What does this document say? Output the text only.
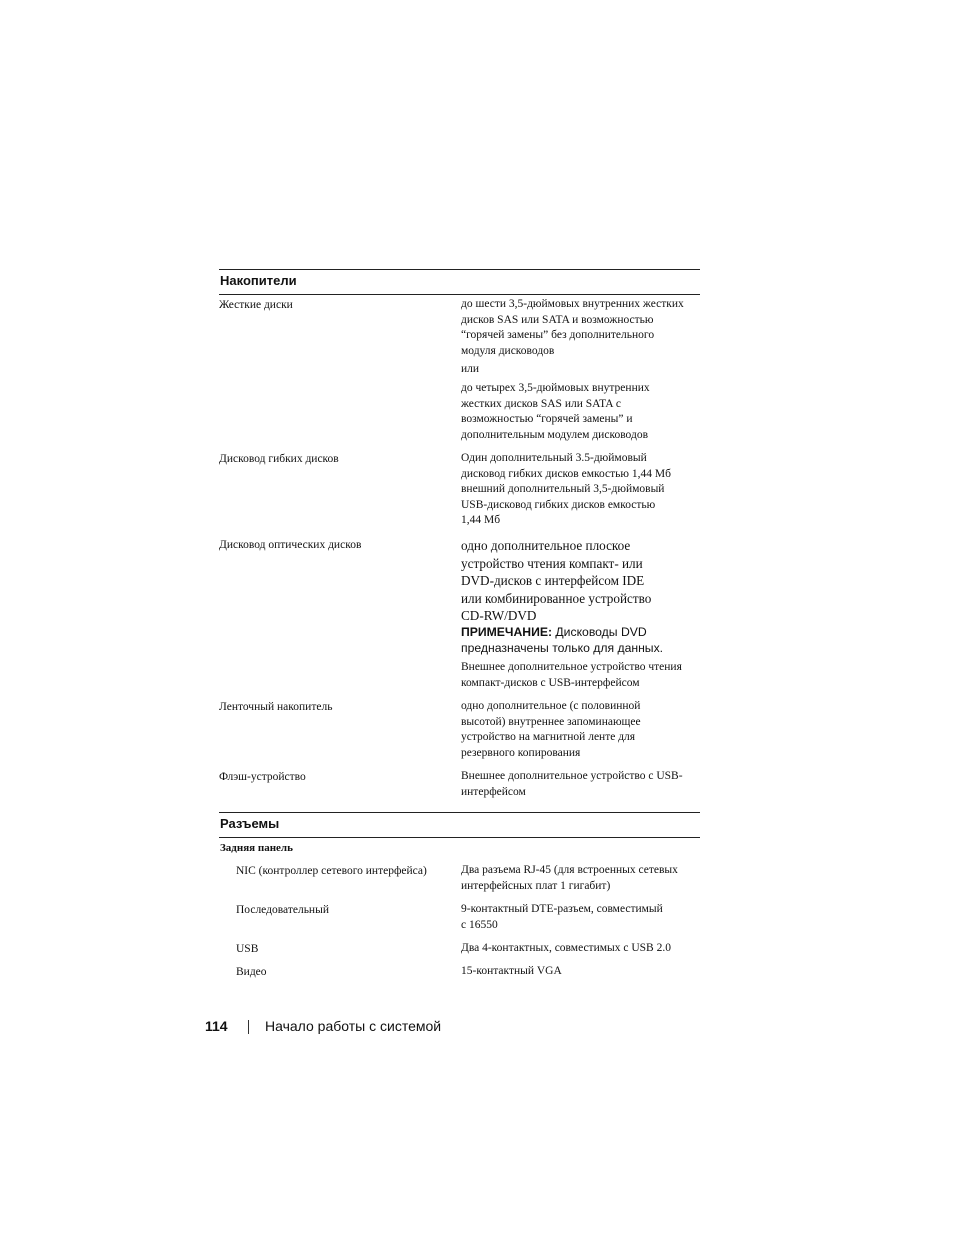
Накопители
Жесткие диски	до шести 3,5-дюймовых внутренних жестких
дисков SAS или SATA и возможностью
“горячей замены” без дополнительного
модуля дисководов
или
до четырех 3,5-дюймовых внутренних
жестких дисков SAS или SATA с
возможностью “горячей замены” и
дополнительным модулем дисководов
Дисковод гибких дисков	Один дополнительный 3.5-дюймовый
дисковод гибких дисков емкостью 1,44 Мб
внешний дополнительный 3,5-дюймовый
USB-дисковод гибких дисков емкостью
1,44 Мб
Дисковод оптических дисков	одно дополнительное плоское
устройство чтения компакт- или
DVD-дисков с интерфейсом IDE
или комбинированное устройство
CD-RW/DVD
ПРИМЕЧАНИЕ: Дисководы DVD предназначены только для данных.
Внешнее дополнительное устройство чтения
компакт-дисков с USB-интерфейсом
Ленточный накопитель	одно дополнительное (с половинной
высотой) внутреннее запоминающее
устройство на магнитной ленте для
резервного копирования
Флэш-устройство	Внешнее дополнительное устройство с USB-
интерфейсом
Разъемы
Задняя панель
NIC (контроллер сетевого интерфейса)	Два разъема RJ-45 (для встроенных сетевых
интерфейсных плат 1 гигабит)
Последовательный	9-контактный DTE-разъем, совместимый
с 16550
USB	Два 4-контактных, совместимых с USB 2.0
Видео	15-контактный VGA
114	Начало работы с системой
